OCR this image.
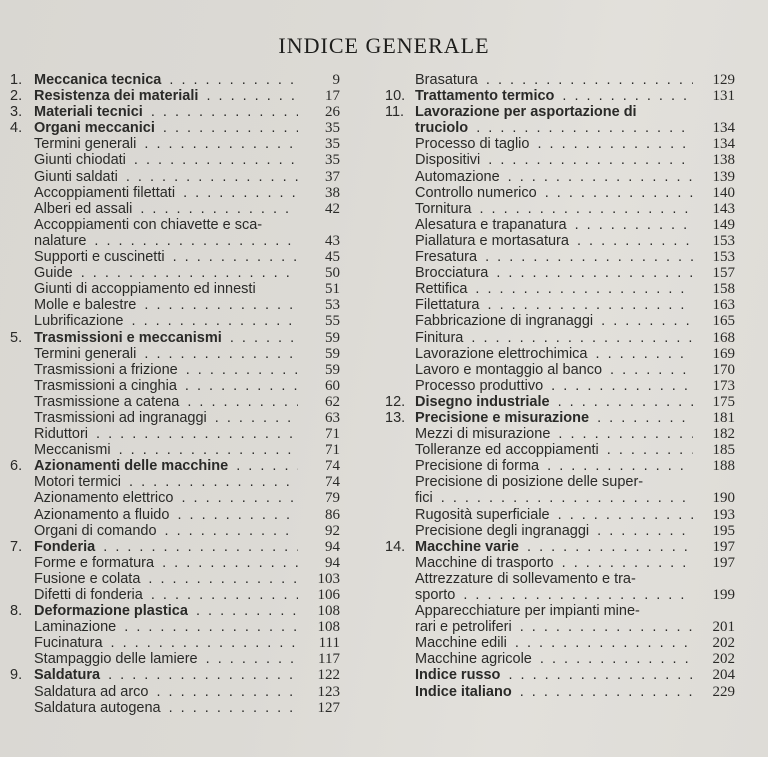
INDICE GENERALE
1. Meccanica tecnica . . .	9
2. Resistenza dei materiali . . .	17
3. Materiali tecnici . . .	26
4. Organi meccanici . . .	35
Termini generali . . .	35
Giunti chiodati . . .	35
Giunti saldati . . .	37
Accoppiamenti filettati . . .	38
Alberi ed assali . . .	42
Accoppiamenti con chiavette e sca-
nalature . . .	43
Supporti e cuscinetti . . .	45
Guide . . .	50
Giunti di accoppiamento ed innesti	51
Molle e balestre . . .	53
Lubrificazione . . .	55
5. Trasmissioni e meccanismi . . .	59
Termini generali . . .	59
Trasmissioni a frizione . . .	59
Trasmissioni a cinghia . . .	60
Trasmissione a catena . . .	62
Trasmissioni ad ingranaggi . . .	63
Riduttori . . .	71
Meccanismi . . .	71
6. Azionamenti delle macchine . . .	74
Motori termici . . .	74
Azionamento elettrico . . .	79
Azionamento a fluido . . .	86
Organi di comando . . .	92
7. Fonderia . . .	94
Forme e formatura . . .	94
Fusione e colata . . .	103
Difetti di fonderia . . .	106
8. Deformazione plastica . . .	108
Laminazione . . .	108
Fucinatura . . .	111
Stampaggio delle lamiere . . .	117
9. Saldatura . . .	122
Saldatura ad arco . . .	123
Saldatura autogena . . .	127
Brasatura . . .	129
10. Trattamento termico . . .	131
11. Lavorazione per asportazione di
truciolo . . .	134
Processo di taglio . . .	134
Dispositivi . . .	138
Automazione . . .	139
Controllo numerico . . .	140
Tornitura . . .	143
Alesatura e trapanatura . . .	149
Piallatura e mortasatura . . .	153
Fresatura . . .	153
Brocciatura . . .	157
Rettifica . . .	158
Filettatura . . .	163
Fabbricazione di ingranaggi . . .	165
Finitura . . .	168
Lavorazione elettrochimica . . .	169
Lavoro e montaggio al banco . . .	170
Processo produttivo . . .	173
12. Disegno industriale . . .	175
13. Precisione e misurazione . . .	181
Mezzi di misurazione . . .	182
Tolleranze ed accoppiamenti . . .	185
Precisione di forma . . .	188
Precisione di posizione delle super-
fici . . .	190
Rugosità superficiale . . .	193
Precisione degli ingranaggi . . .	195
14. Macchine varie . . .	197
Macchine di trasporto . . .	197
Attrezzature di sollevamento e tra-
sporto . . .	199
Apparecchiature per impianti mine-
rari e petroliferi . . .	201
Macchine edili . . .	202
Macchine agricole . . .	202
Indice russo . . .	204
Indice italiano . . .	229
